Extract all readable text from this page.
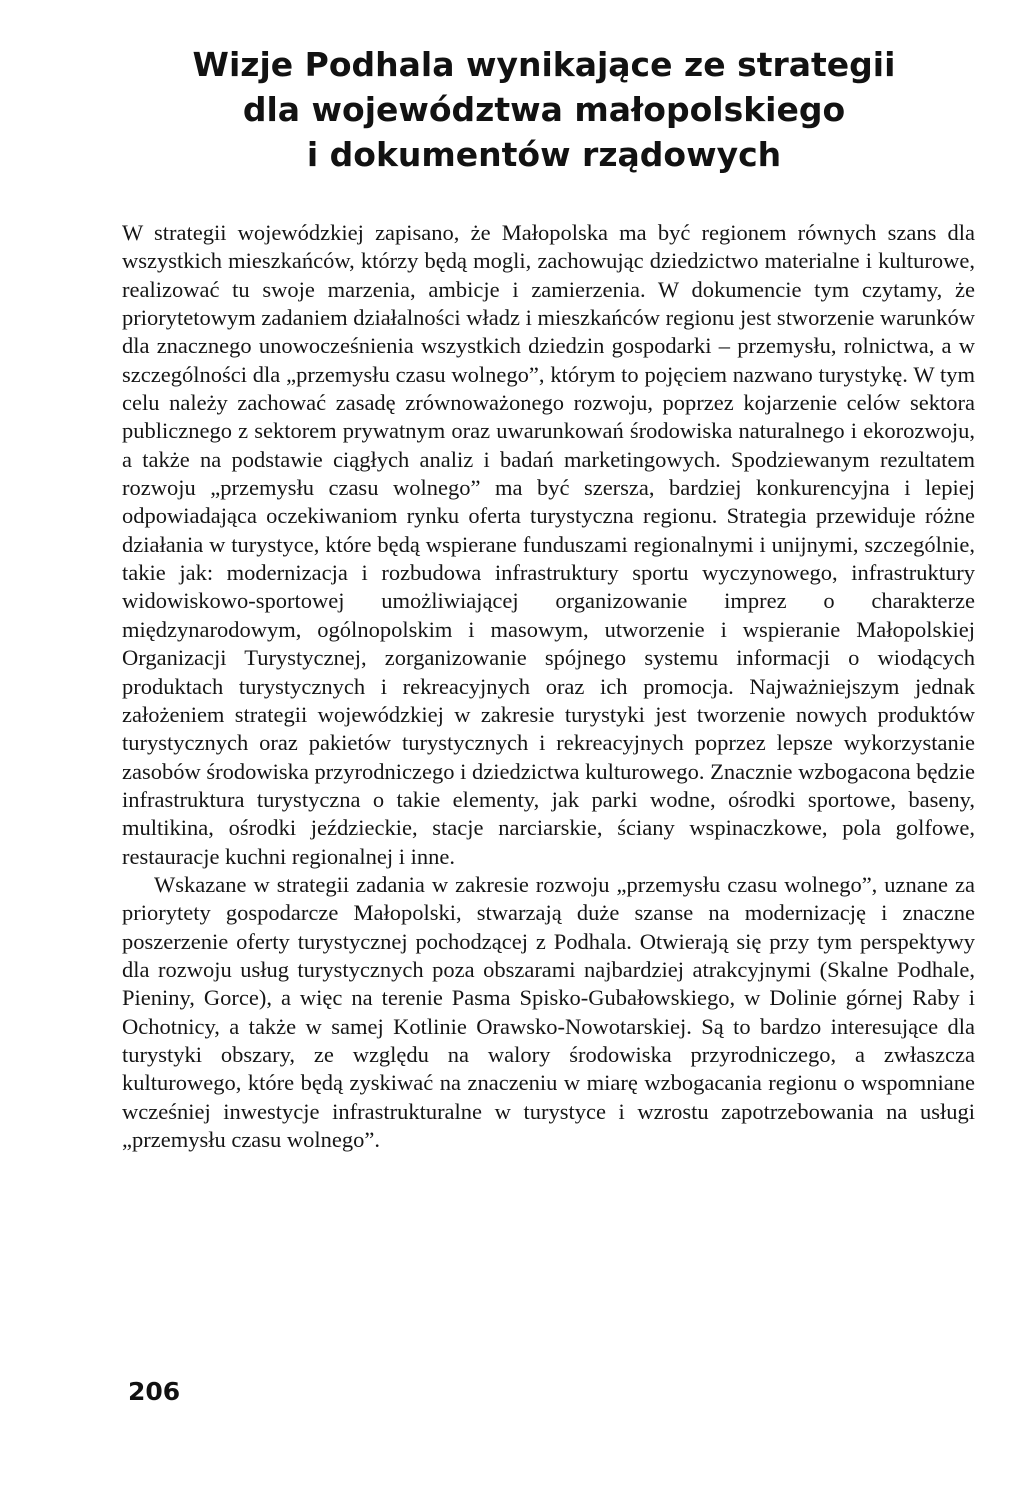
Wizje Podhala wynikające ze strategii
dla województwa małopolskiego
i dokumentów rządowych

W strategii wojewódzkiej zapisano, że Małopolska ma być regionem równych szans dla wszystkich mieszkańców, którzy będą mogli, zachowując dziedzictwo materialne i kulturowe, realizować tu swoje marzenia, ambicje i zamierzenia. W dokumencie tym czytamy, że priorytetowym zadaniem działalności władz i mieszkańców regionu jest stworzenie warunków dla znacznego unowocześnienia wszystkich dziedzin gospodarki – przemysłu, rolnictwa, a w szczególności dla „przemysłu czasu wolnego”, którym to pojęciem nazwano turystykę. W tym celu należy zachować zasadę zrównoważonego rozwoju, poprzez kojarzenie celów sektora publicznego z sektorem prywatnym oraz uwarunkowań środowiska naturalnego i ekorozwoju, a także na podstawie ciągłych analiz i badań marketingowych. Spodziewanym rezultatem rozwoju „przemysłu czasu wolnego” ma być szersza, bardziej konkurencyjna i lepiej odpowiadająca oczekiwaniom rynku oferta turystyczna regionu. Strategia przewiduje różne działania w turystyce, które będą wspierane funduszami regionalnymi i unijnymi, szczególnie, takie jak: modernizacja i rozbudowa infrastruktury sportu wyczynowego, infrastruktury widowiskowo-sportowej umożliwiającej organizowanie imprez o charakterze międzynarodowym, ogólnopolskim i masowym, utworzenie i wspieranie Małopolskiej Organizacji Turystycznej, zorganizowanie spójnego systemu informacji o wiodących produktach turystycznych i rekreacyjnych oraz ich promocja. Najważniejszym jednak założeniem strategii wojewódzkiej w zakresie turystyki jest tworzenie nowych produktów turystycznych oraz pakietów turystycznych i rekreacyjnych poprzez lepsze wykorzystanie zasobów środowiska przyrodniczego i dziedzictwa kulturowego. Znacznie wzbogacona będzie infrastruktura turystyczna o takie elementy, jak parki wodne, ośrodki sportowe, baseny, multikina, ośrodki jeździeckie, stacje narciarskie, ściany wspinaczkowe, pola golfowe, restauracje kuchni regionalnej i inne.

Wskazane w strategii zadania w zakresie rozwoju „przemysłu czasu wolnego”, uznane za priorytety gospodarcze Małopolski, stwarzają duże szanse na modernizację i znaczne poszerzenie oferty turystycznej pochodzącej z Podhala. Otwierają się przy tym perspektywy dla rozwoju usług turystycznych poza obszarami najbardziej atrakcyjnymi (Skalne Podhale, Pieniny, Gorce), a więc na terenie Pasma Spisko-Gubałowskiego, w Dolinie górnej Raby i Ochotnicy, a także w samej Kotlinie Orawsko-Nowotarskiej. Są to bardzo interesujące dla turystyki obszary, ze względu na walory środowiska przyrodniczego, a zwłaszcza kulturowego, które będą zyskiwać na znaczeniu w miarę wzbogacania regionu o wspomniane wcześniej inwestycje infrastrukturalne w turystyce i wzrostu zapotrzebowania na usługi „przemysłu czasu wolnego”.

206
